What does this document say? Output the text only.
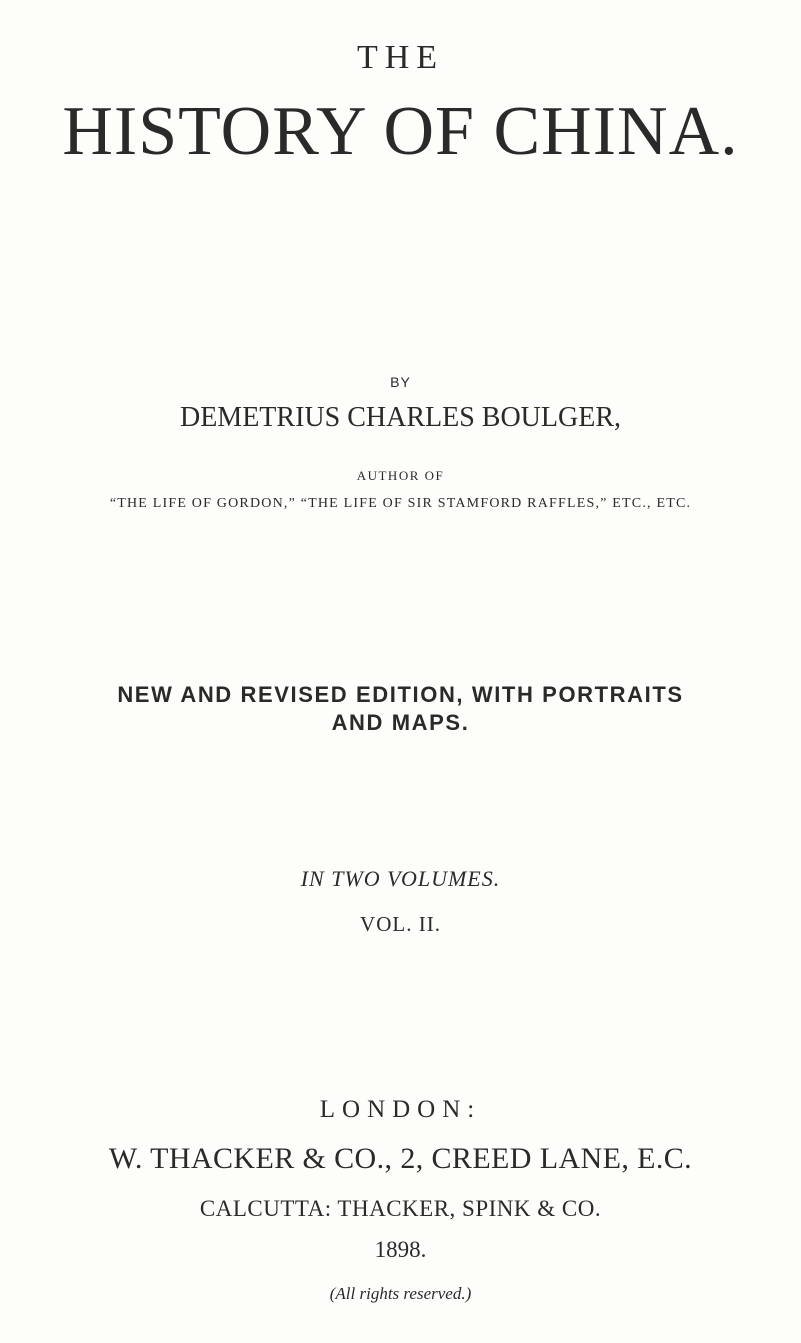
THE
HISTORY OF CHINA.
BY
DEMETRIUS CHARLES BOULGER,
AUTHOR OF
“THE LIFE OF GORDON,” “THE LIFE OF SIR STAMFORD RAFFLES,” ETC., ETC.
NEW AND REVISED EDITION, WITH PORTRAITS
AND MAPS.
IN TWO VOLUMES.
VOL. II.
LONDON:
W. THACKER & CO., 2, CREED LANE, E.C.
CALCUTTA: THACKER, SPINK & CO.
1898.
(All rights reserved.)
